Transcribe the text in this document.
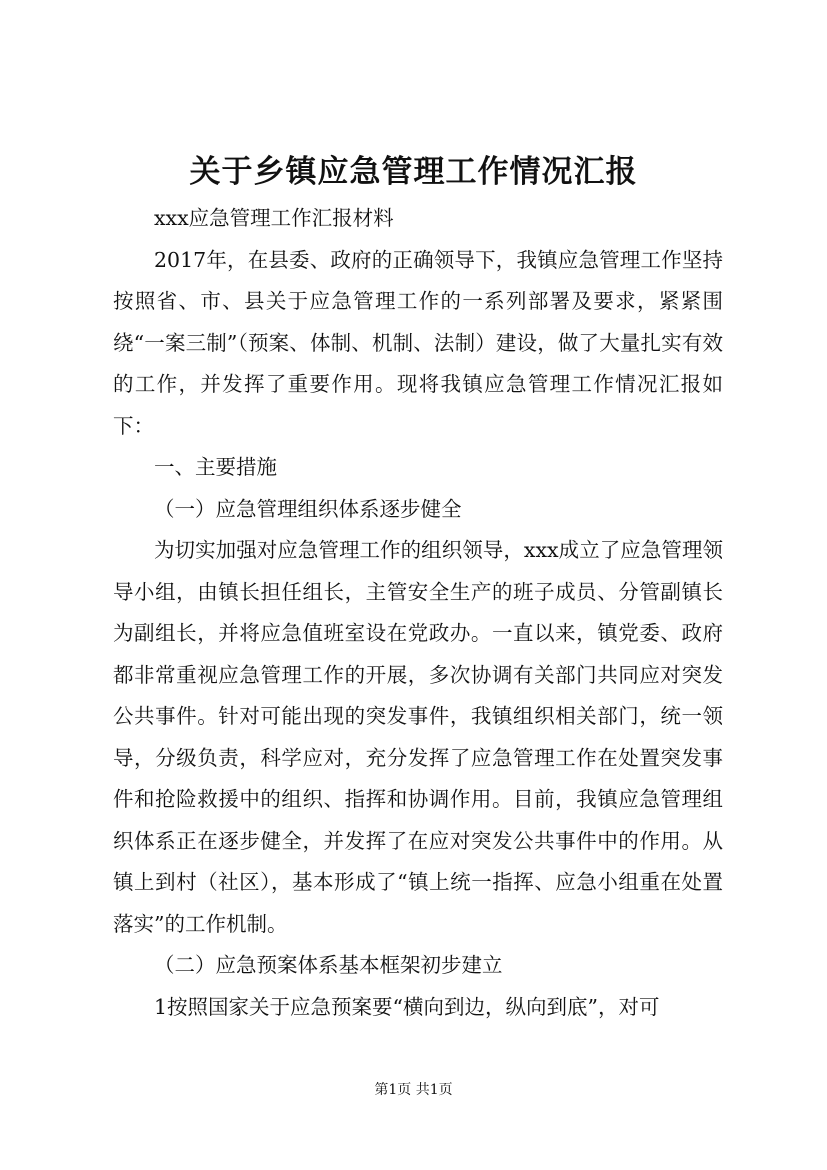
关于乡镇应急管理工作情况汇报

xxx应急管理工作汇报材料

2017年，在县委、政府的正确领导下，我镇应急管理工作坚持按照省、市、县关于应急管理工作的一系列部署及要求，紧紧围绕“一案三制”（预案、体制、机制、法制）建设，做了大量扎实有效的工作，并发挥了重要作用。现将我镇应急管理工作情况汇报如下：

一、主要措施

（一）应急管理组织体系逐步健全

为切实加强对应急管理工作的组织领导，xxx成立了应急管理领导小组，由镇长担任组长，主管安全生产的班子成员、分管副镇长为副组长，并将应急值班室设在党政办。一直以来，镇党委、政府都非常重视应急管理工作的开展，多次协调有关部门共同应对突发公共事件。针对可能出现的突发事件，我镇组织相关部门，统一领导，分级负责，科学应对，充分发挥了应急管理工作在处置突发事件和抢险救援中的组织、指挥和协调作用。目前，我镇应急管理组织体系正在逐步健全，并发挥了在应对突发公共事件中的作用。从镇上到村（社区），基本形成了“镇上统一指挥、应急小组重在处置落实”的工作机制。

（二）应急预案体系基本框架初步建立

1按照国家关于应急预案要“横向到边，纵向到底”，对可

第1页 共1页
